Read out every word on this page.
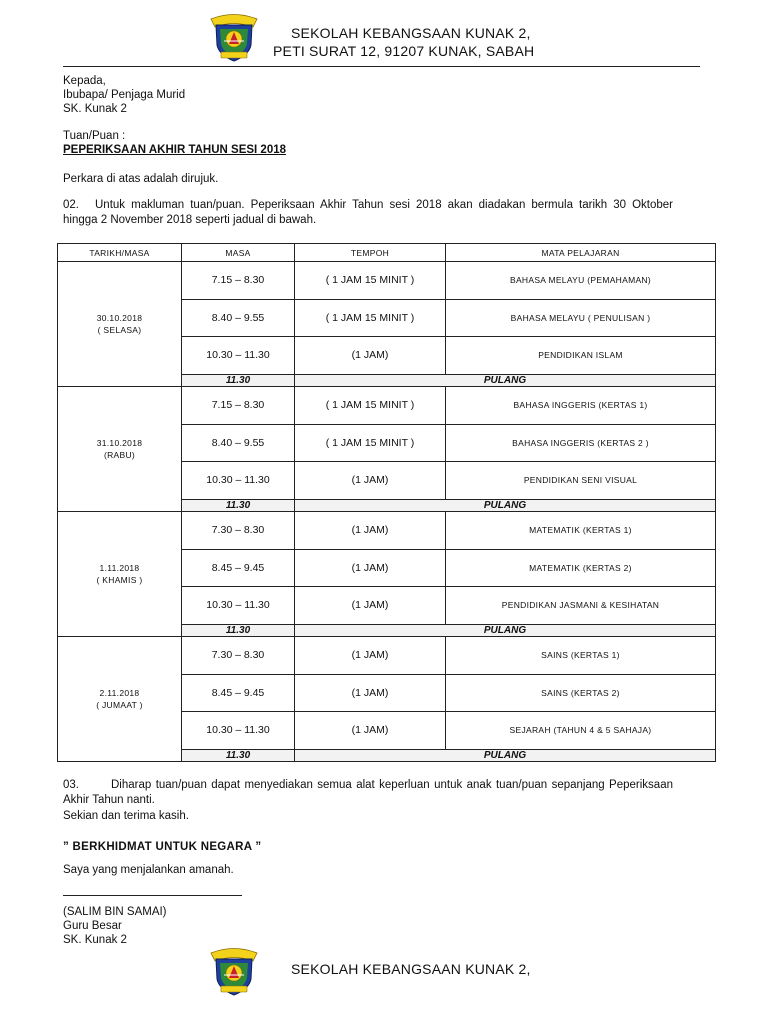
SEKOLAH KEBANGSAAN KUNAK 2,
PETI SURAT 12, 91207 KUNAK, SABAH
Kepada,
Ibubapa/ Penjaga Murid
SK. Kunak 2
Tuan/Puan :
PEPERIKSAAN AKHIR TAHUN SESI 2018
Perkara di atas adalah dirujuk.
02.	Untuk makluman tuan/puan. Peperiksaan Akhir Tahun sesi 2018 akan diadakan bermula tarikh 30 Oktober hingga 2 November 2018 seperti jadual di bawah.
TARIKH/MASA	MASA	TEMPOH	MATA PELAJARAN

30.10.2018
( SELASA)	7.15 – 8.30	( 1 JAM 15 MINIT )	BAHASA MELAYU (PEMAHAMAN)
	8.40 – 9.55	( 1 JAM 15 MINIT )	BAHASA MELAYU ( PENULISAN )
	10.30 – 11.30	(1 JAM)	PENDIDIKAN ISLAM
	11.30	PULANG	

31.10.2018
(RABU)	7.15 – 8.30	( 1 JAM 15 MINIT )	BAHASA INGGERIS (KERTAS 1)
	8.40 – 9.55	( 1 JAM 15 MINIT )	BAHASA INGGERIS (KERTAS 2 )
	10.30 – 11.30	(1 JAM)	PENDIDIKAN SENI VISUAL
	11.30	PULANG	

1.11.2018
( KHAMIS )	7.30 – 8.30	(1 JAM)	MATEMATIK (KERTAS 1)
	8.45 – 9.45	(1 JAM)	MATEMATIK (KERTAS 2)
	10.30 – 11.30	(1 JAM)	PENDIDIKAN JASMANI & KESIHATAN
	11.30	PULANG	

2.11.2018
( JUMAAT )	7.30 – 8.30	(1 JAM)	SAINS (KERTAS 1)
	8.45 – 9.45	(1 JAM)	SAINS (KERTAS 2)
	10.30 – 11.30	(1 JAM)	SEJARAH (TAHUN 4 & 5 SAHAJA)
	11.30	PULANG	
03.	Diharap tuan/puan dapat menyediakan semua alat keperluan untuk anak tuan/puan sepanjang Peperiksaan Akhir Tahun nanti.
Sekian dan terima kasih.
” BERKHIDMAT UNTUK NEGARA ”
Saya yang menjalankan amanah.
(SALIM BIN SAMAI)
Guru Besar
SK. Kunak 2
SEKOLAH KEBANGSAAN KUNAK 2,
